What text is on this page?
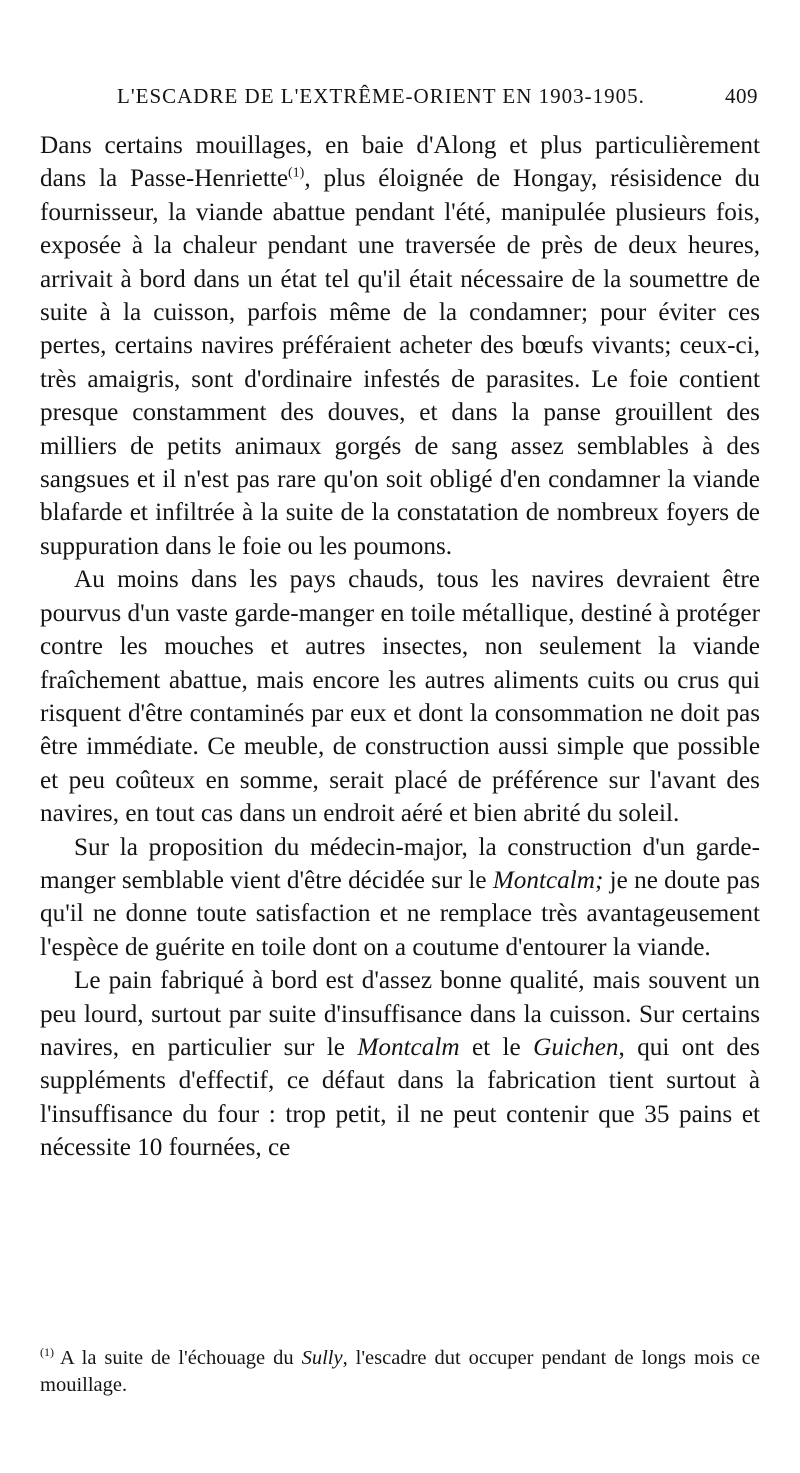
L'ESCADRE DE L'EXTRÊME-ORIENT EN 1903-1905.	409

Dans certains mouillages, en baie d'Along et plus particulièrement dans la Passe-Henriette$^{(1)}$, plus éloignée de Hongay, résisidence du fournisseur, la viande abattue pendant l'été, manipulée plusieurs fois, exposée à la chaleur pendant une traversée de près de deux heures, arrivait à bord dans un état tel qu'il était nécessaire de la soumettre de suite à la cuisson, parfois même de la condamner; pour éviter ces pertes, certains navires préféraient acheter des bœufs vivants; ceux-ci, très amaigris, sont d'ordinaire infestés de parasites. Le foie contient presque constamment des douves, et dans la panse grouillent des milliers de petits animaux gorgés de sang assez semblables à des sangsues et il n'est pas rare qu'on soit obligé d'en condamner la viande blafarde et infiltrée à la suite de la constatation de nombreux foyers de suppuration dans le foie ou les poumons.

Au moins dans les pays chauds, tous les navires devraient être pourvus d'un vaste garde-manger en toile métallique, destiné à protéger contre les mouches et autres insectes, non seulement la viande fraîchement abattue, mais encore les autres aliments cuits ou crus qui risquent d'être contaminés par eux et dont la consommation ne doit pas être immédiate. Ce meuble, de construction aussi simple que possible et peu coûteux en somme, serait placé de préférence sur l'avant des navires, en tout cas dans un endroit aéré et bien abrité du soleil.

Sur la proposition du médecin-major, la construction d'un garde-manger semblable vient d'être décidée sur le Montcalm; je ne doute pas qu'il ne donne toute satisfaction et ne remplace très avantageusement l'espèce de guérite en toile dont on a coutume d'entourer la viande.

Le pain fabriqué à bord est d'assez bonne qualité, mais souvent un peu lourd, surtout par suite d'insuffisance dans la cuisson. Sur certains navires, en particulier sur le Montcalm et le Guichen, qui ont des suppléments d'effectif, ce défaut dans la fabrication tient surtout à l'insuffisance du four : trop petit, il ne peut contenir que 35 pains et nécessite 10 fournées, ce

$^{(1)}$ A la suite de l'échouage du Sully, l'escadre dut occuper pendant de longs mois ce mouillage.
